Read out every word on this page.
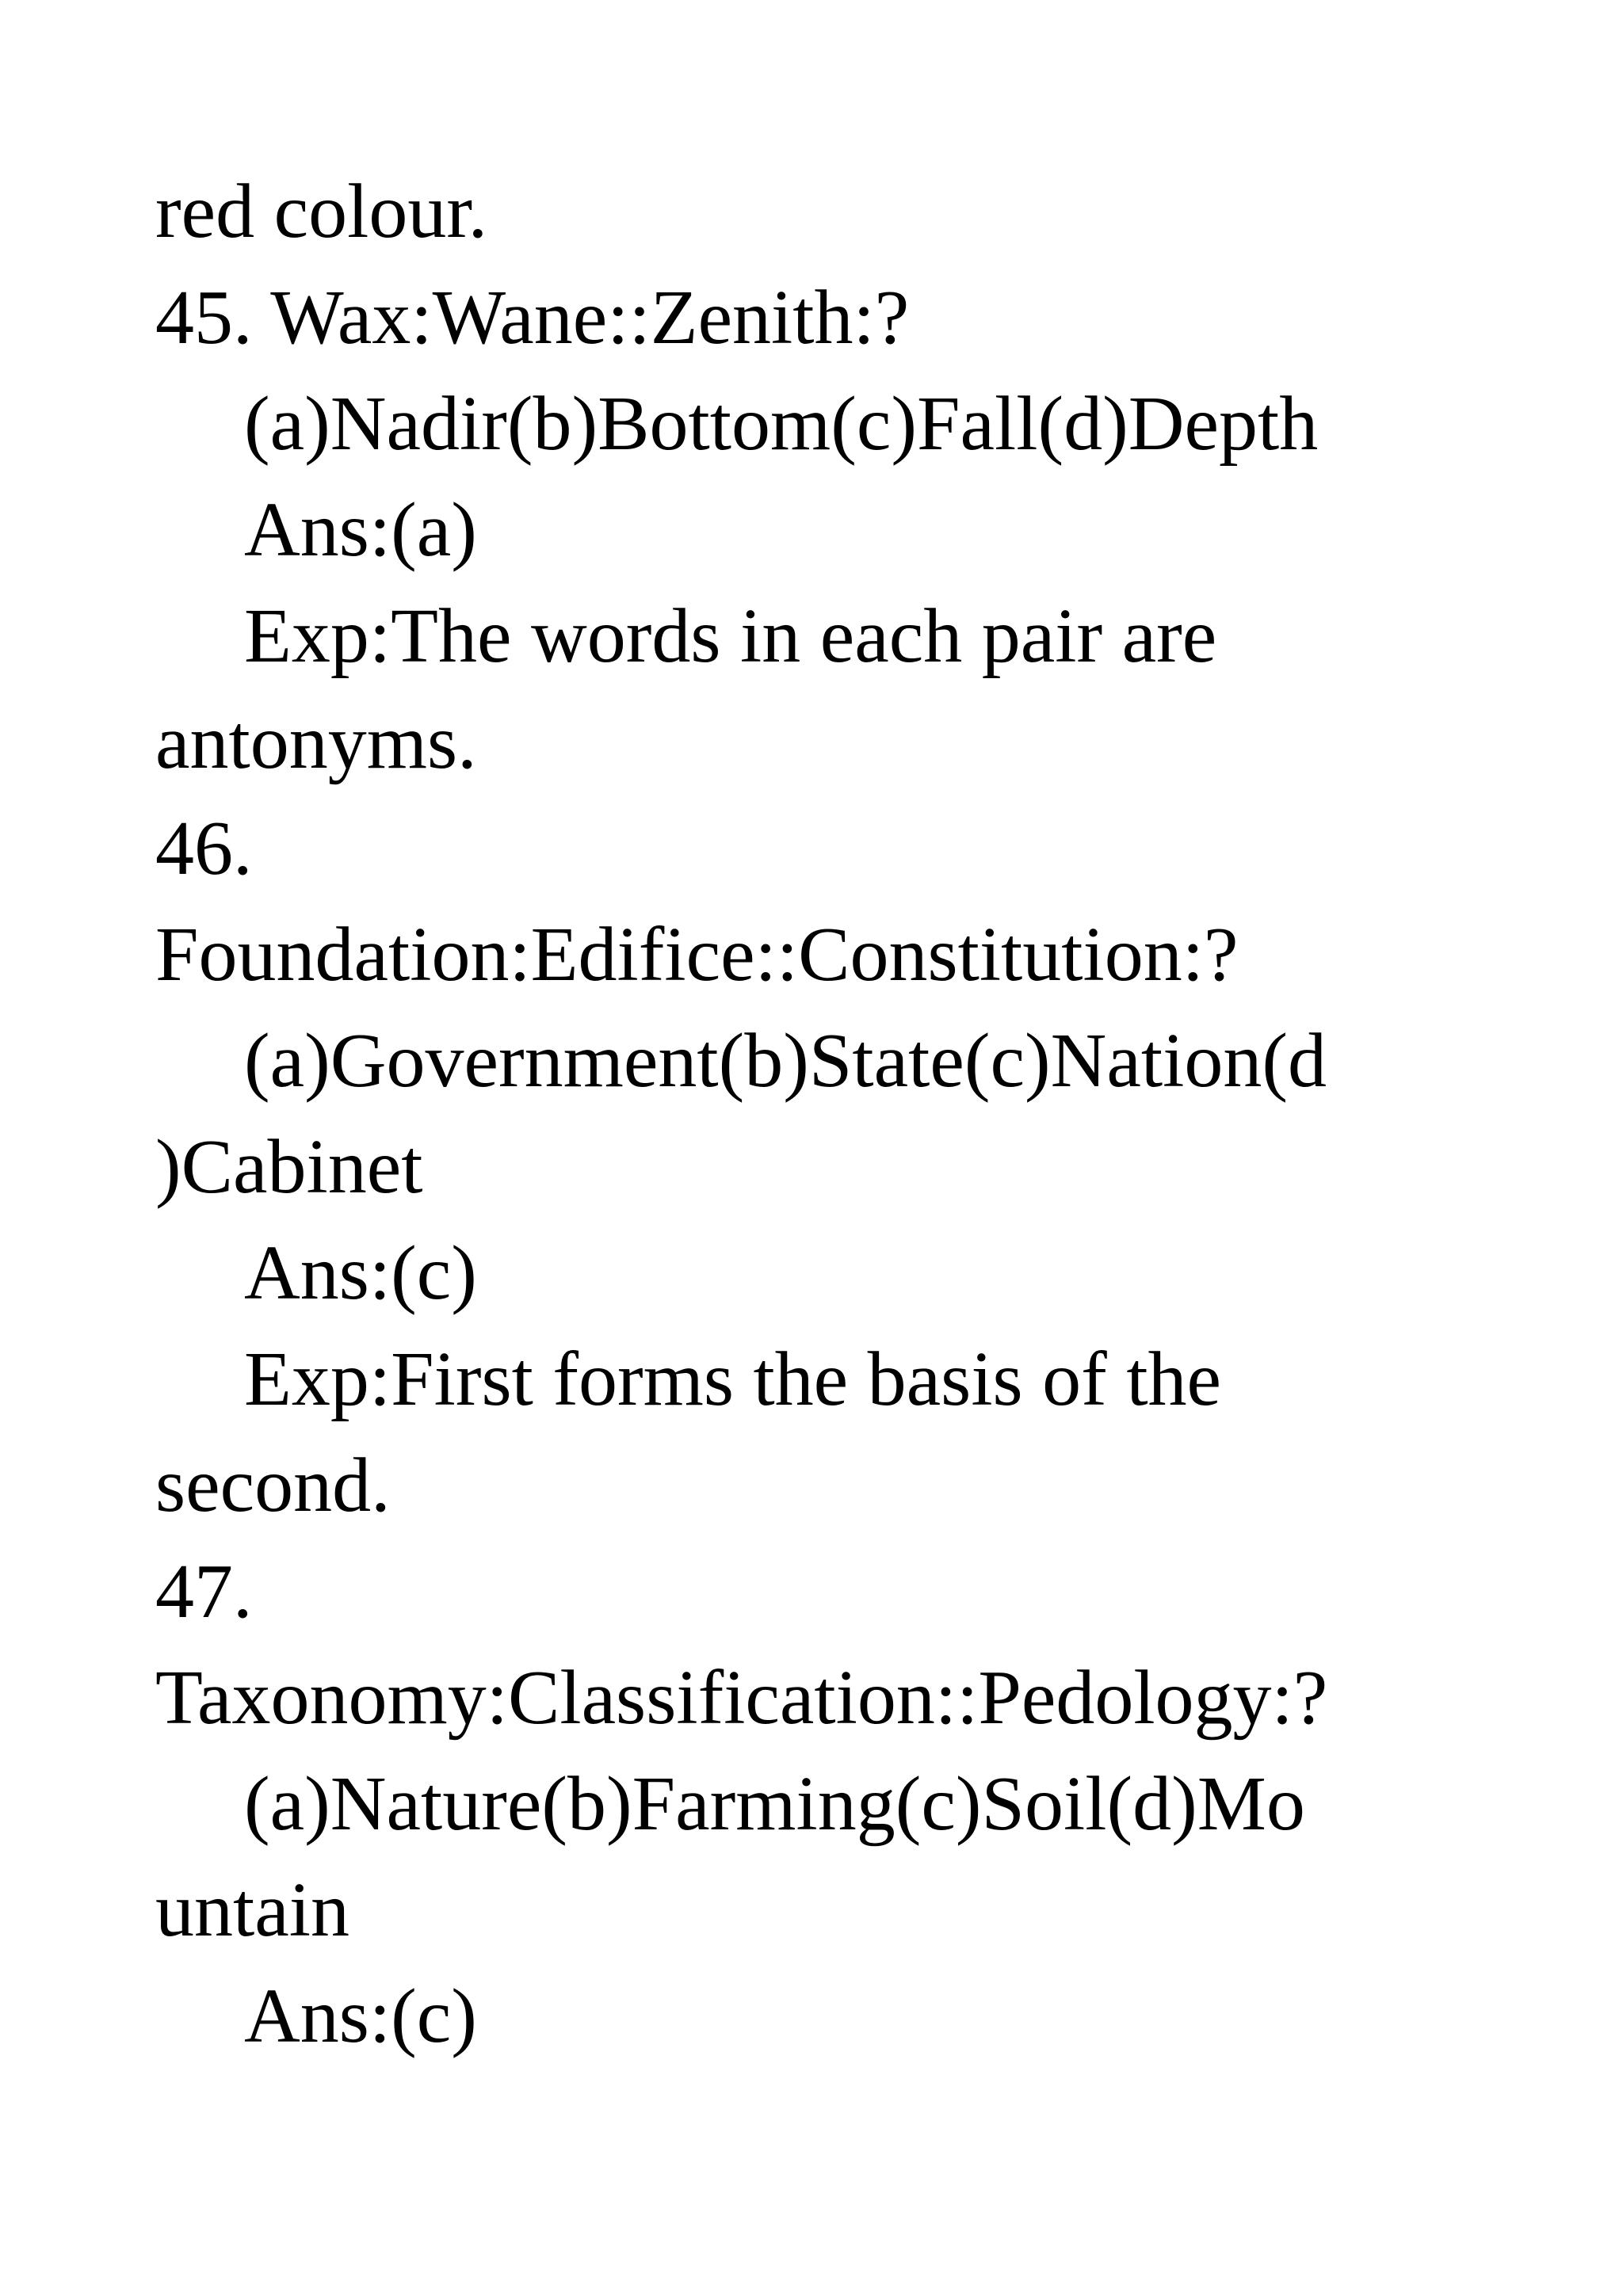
red colour.
45. Wax:Wane::Zenith:?
(a)Nadir(b)Bottom(c)Fall(d)Depth
Ans:(a)
Exp:The words in each pair are
antonyms.
46.
Foundation:Edifice::Constitution:?
(a)Government(b)State(c)Nation(d
)Cabinet
Ans:(c)
Exp:First forms the basis of the
second.
47.
Taxonomy:Classification::Pedology:?
(a)Nature(b)Farming(c)Soil(d)Mo
untain
Ans:(c)
